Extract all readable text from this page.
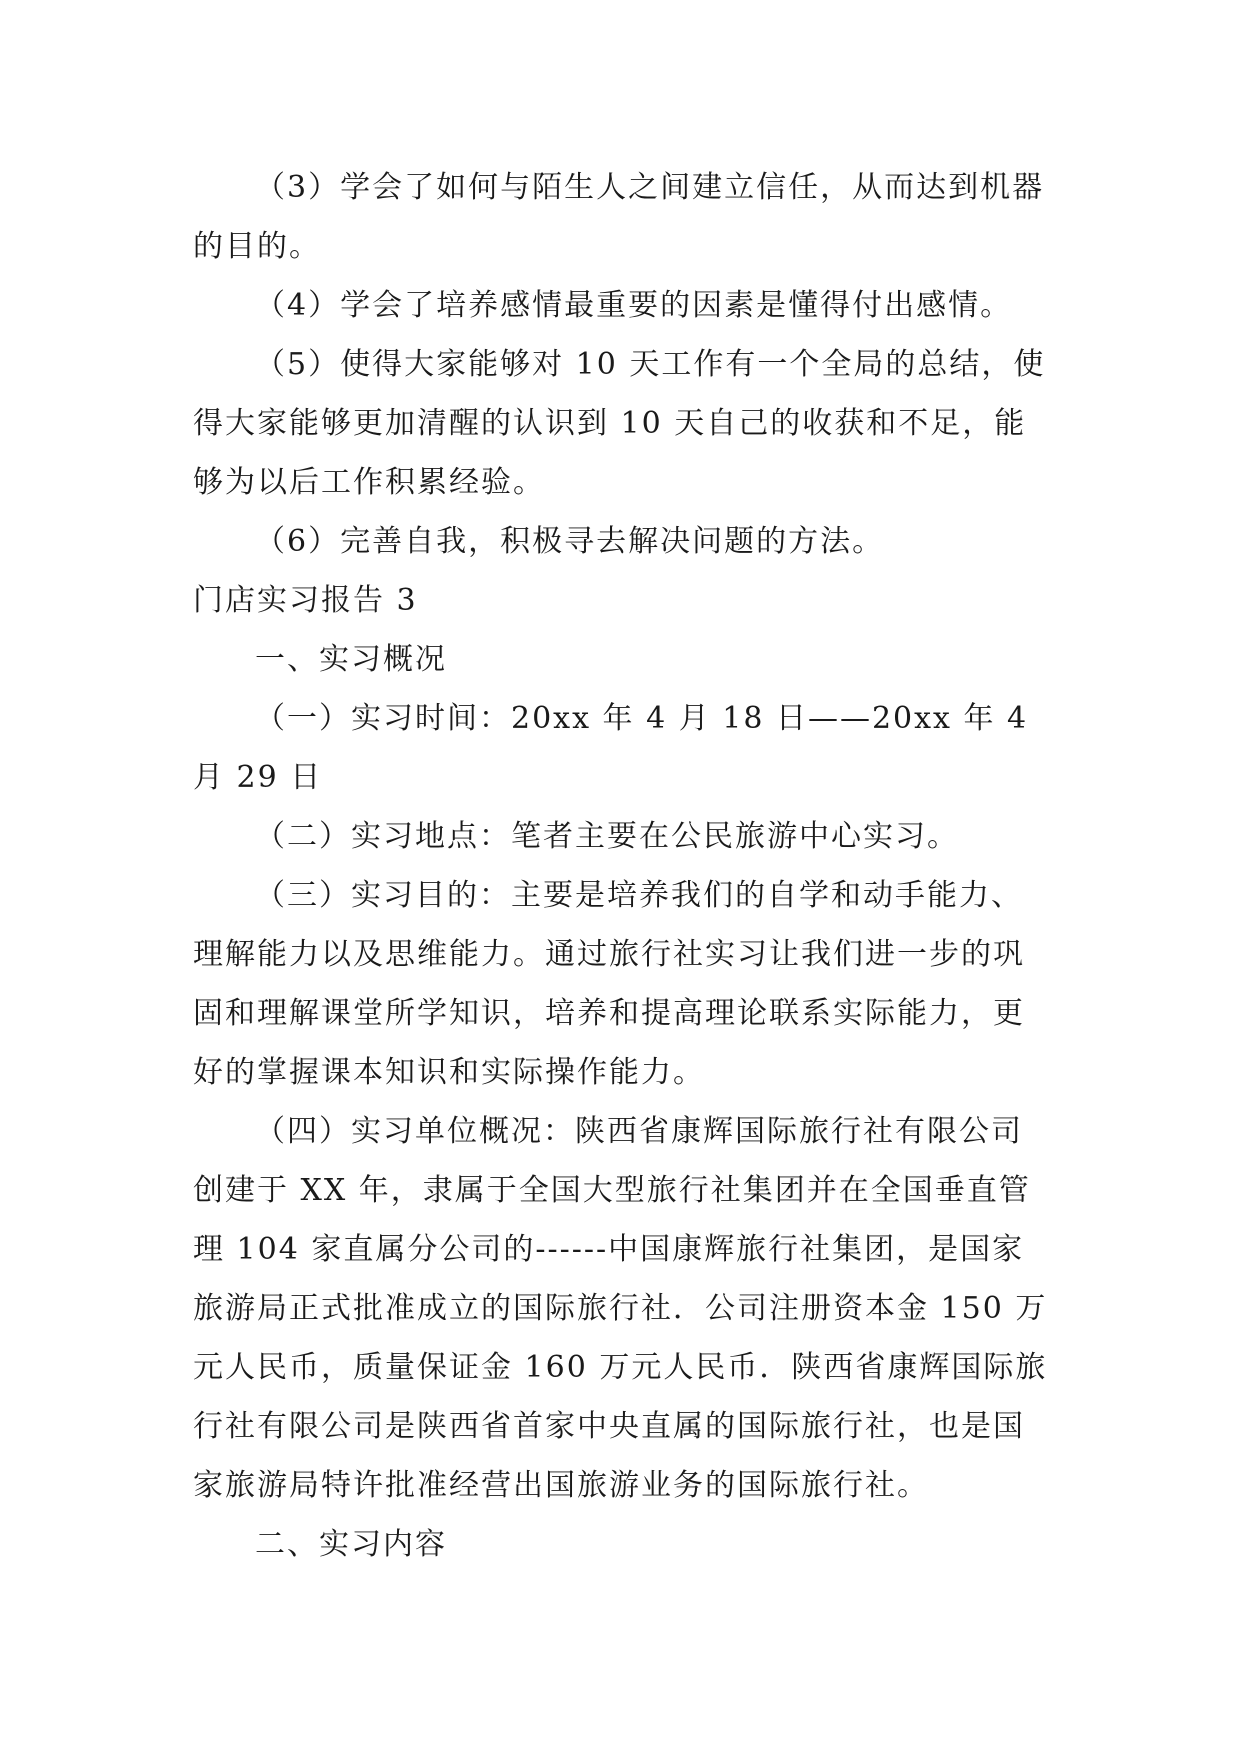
（3）学会了如何与陌生人之间建立信任，从而达到机器的目的。

（4）学会了培养感情最重要的因素是懂得付出感情。

（5）使得大家能够对 10 天工作有一个全局的总结，使得大家能够更加清醒的认识到 10 天自己的收获和不足，能够为以后工作积累经验。

（6）完善自我，积极寻去解决问题的方法。

门店实习报告 3

一、实习概况

（一）实习时间：20xx 年 4 月 18 日——20xx 年 4 月 29 日

（二）实习地点：笔者主要在公民旅游中心实习。

（三）实习目的：主要是培养我们的自学和动手能力、理解能力以及思维能力。通过旅行社实习让我们进一步的巩固和理解课堂所学知识，培养和提高理论联系实际能力，更好的掌握课本知识和实际操作能力。

（四）实习单位概况：陕西省康辉国际旅行社有限公司创建于 XX 年，隶属于全国大型旅行社集团并在全国垂直管理 104 家直属分公司的------中国康辉旅行社集团，是国家旅游局正式批准成立的国际旅行社．公司注册资本金 150 万元人民币，质量保证金 160 万元人民币．陕西省康辉国际旅行社有限公司是陕西省首家中央直属的国际旅行社，也是国家旅游局特许批准经营出国旅游业务的国际旅行社。

二、实习内容
